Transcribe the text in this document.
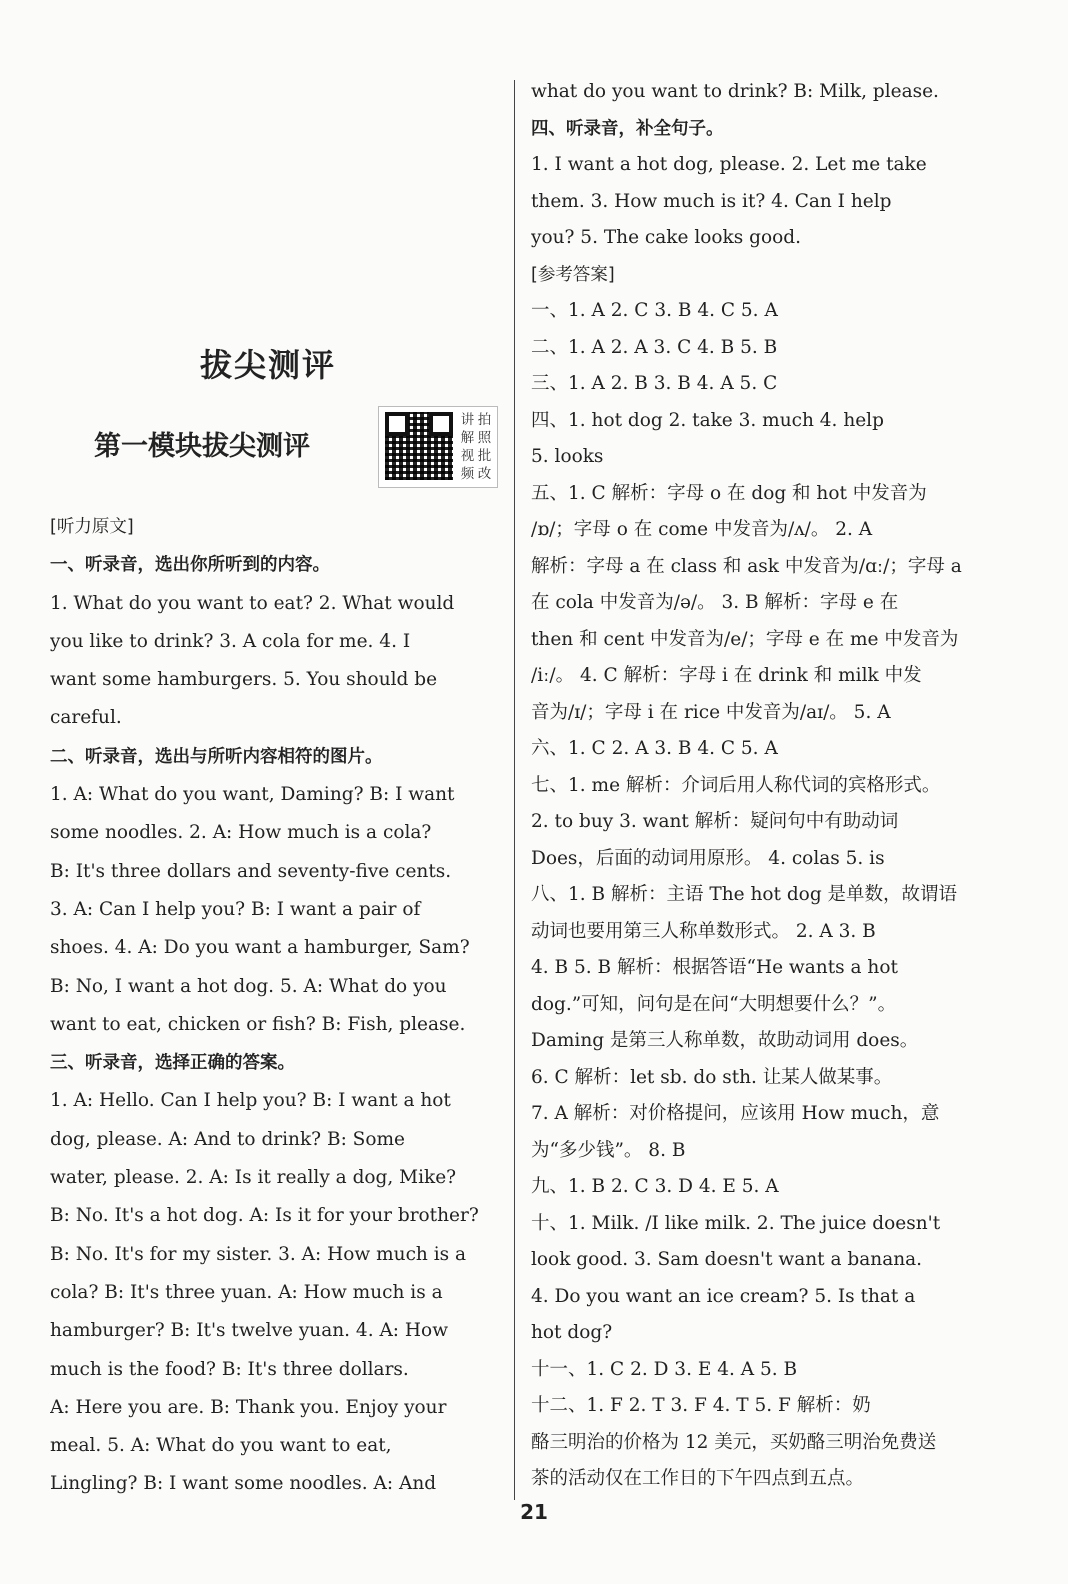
拔尖测评
第一模块拔尖测评
讲 拍
解 照
视 批
频 改
[听力原文]
一、听录音，选出你所听到的内容。
1. What do you want to eat? 2. What would
you like to drink? 3. A cola for me. 4. I
want some hamburgers. 5. You should be
careful.
二、听录音，选出与所听内容相符的图片。
1. A: What do you want, Daming? B: I want
some noodles. 2. A: How much is a cola?
B: It's three dollars and seventy-five cents.
3. A: Can I help you? B: I want a pair of
shoes. 4. A: Do you want a hamburger, Sam?
B: No, I want a hot dog. 5. A: What do you
want to eat, chicken or fish? B: Fish, please.
三、听录音，选择正确的答案。
1. A: Hello. Can I help you? B: I want a hot
dog, please. A: And to drink? B: Some
water, please. 2. A: Is it really a dog, Mike?
B: No. It's a hot dog. A: Is it for your brother?
B: No. It's for my sister. 3. A: How much is a
cola? B: It's three yuan. A: How much is a
hamburger? B: It's twelve yuan. 4. A: How
much is the food? B: It's three dollars.
A: Here you are. B: Thank you. Enjoy your
meal. 5. A: What do you want to eat,
Lingling? B: I want some noodles. A: And
what do you want to drink? B: Milk, please.
四、听录音，补全句子。
1. I want a hot dog, please. 2. Let me take
them. 3. How much is it? 4. Can I help
you? 5. The cake looks good.
[参考答案]
一、1. A 2. C 3. B 4. C 5. A
二、1. A 2. A 3. C 4. B 5. B
三、1. A 2. B 3. B 4. A 5. C
四、1. hot dog 2. take 3. much 4. help
5. looks
五、1. C 解析：字母 o 在 dog 和 hot 中发音为
/ɒ/；字母 o 在 come 中发音为/ʌ/。 2. A
解析：字母 a 在 class 和 ask 中发音为/ɑː/；字母 a
在 cola 中发音为/ə/。 3. B 解析：字母 e 在
then 和 cent 中发音为/e/；字母 e 在 me 中发音为
/iː/。 4. C 解析：字母 i 在 drink 和 milk 中发
音为/ɪ/；字母 i 在 rice 中发音为/aɪ/。 5. A
六、1. C 2. A 3. B 4. C 5. A
七、1. me 解析：介词后用人称代词的宾格形式。
2. to buy 3. want 解析：疑问句中有助动词
Does，后面的动词用原形。 4. colas 5. is
八、1. B 解析：主语 The hot dog 是单数，故谓语
动词也要用第三人称单数形式。 2. A 3. B
4. B 5. B 解析：根据答语“He wants a hot
dog.”可知，问句是在问“大明想要什么？”。
Daming 是第三人称单数，故助动词用 does。
6. C 解析：let sb. do sth. 让某人做某事。
7. A 解析：对价格提问，应该用 How much，意
为“多少钱”。 8. B
九、1. B 2. C 3. D 4. E 5. A
十、1. Milk. /I like milk. 2. The juice doesn't
look good. 3. Sam doesn't want a banana.
4. Do you want an ice cream? 5. Is that a
hot dog?
十一、1. C 2. D 3. E 4. A 5. B
十二、1. F 2. T 3. F 4. T 5. F 解析：奶
酪三明治的价格为 12 美元，买奶酪三明治免费送
茶的活动仅在工作日的下午四点到五点。
21
